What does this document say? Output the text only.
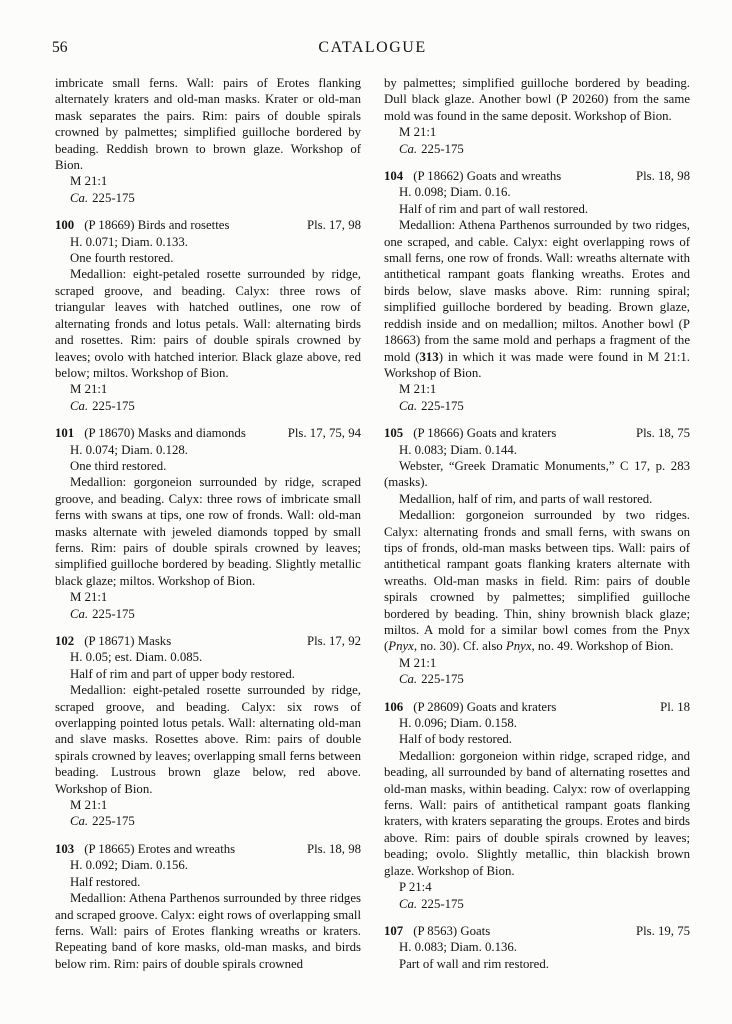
56	CATALOGUE

imbricate small ferns. Wall: pairs of Erotes flanking alternately kraters and old-man masks. Krater or old-man mask separates the pairs. Rim: pairs of double spirals crowned by palmettes; simplified guilloche bordered by beading. Reddish brown to brown glaze. Workshop of Bion.

M 21:1

Ca. 225-175

100 (P 18669) Birds and rosettes	Pls. 17, 98

H. 0.071; Diam. 0.133.

One fourth restored.

Medallion: eight-petaled rosette surrounded by ridge, scraped groove, and beading. Calyx: three rows of triangular leaves with hatched outlines, one row of alternating fronds and lotus petals. Wall: alternating birds and rosettes. Rim: pairs of double spirals crowned by leaves; ovolo with hatched interior. Black glaze above, red below; miltos. Workshop of Bion.

M 21:1

Ca. 225-175

101 (P 18670) Masks and diamonds	Pls. 17, 75, 94

H. 0.074; Diam. 0.128.

One third restored.

Medallion: gorgoneion surrounded by ridge, scraped groove, and beading. Calyx: three rows of imbricate small ferns with swans at tips, one row of fronds. Wall: old-man masks alternate with jeweled diamonds topped by small ferns. Rim: pairs of double spirals crowned by leaves; simplified guilloche bordered by beading. Slightly metallic black glaze; miltos. Workshop of Bion.

M 21:1

Ca. 225-175

102 (P 18671) Masks	Pls. 17, 92

H. 0.05; est. Diam. 0.085.

Half of rim and part of upper body restored.

Medallion: eight-petaled rosette surrounded by ridge, scraped groove, and beading. Calyx: six rows of overlapping pointed lotus petals. Wall: alternating old-man and slave masks. Rosettes above. Rim: pairs of double spirals crowned by leaves; overlapping small ferns between beading. Lustrous brown glaze below, red above. Workshop of Bion.

M 21:1

Ca. 225-175

103 (P 18665) Erotes and wreaths	Pls. 18, 98

H. 0.092; Diam. 0.156.

Half restored.

Medallion: Athena Parthenos surrounded by three ridges and scraped groove. Calyx: eight rows of overlapping small ferns. Wall: pairs of Erotes flanking wreaths or kraters. Repeating band of kore masks, old-man masks, and birds below rim. Rim: pairs of double spirals crowned

by palmettes; simplified guilloche bordered by beading. Dull black glaze. Another bowl (P 20260) from the same mold was found in the same deposit. Workshop of Bion.

M 21:1

Ca. 225-175

104 (P 18662) Goats and wreaths	Pls. 18, 98

H. 0.098; Diam. 0.16.

Half of rim and part of wall restored.

Medallion: Athena Parthenos surrounded by two ridges, one scraped, and cable. Calyx: eight overlapping rows of small ferns, one row of fronds. Wall: wreaths alternate with antithetical rampant goats flanking wreaths. Erotes and birds below, slave masks above. Rim: running spiral; simplified guilloche bordered by beading. Brown glaze, reddish inside and on medallion; miltos. Another bowl (P 18663) from the same mold and perhaps a fragment of the mold (313) in which it was made were found in M 21:1. Workshop of Bion.

M 21:1

Ca. 225-175

105 (P 18666) Goats and kraters	Pls. 18, 75

H. 0.083; Diam. 0.144.

Webster, “Greek Dramatic Monuments,” C 17, p. 283 (masks).

Medallion, half of rim, and parts of wall restored.

Medallion: gorgoneion surrounded by two ridges. Calyx: alternating fronds and small ferns, with swans on tips of fronds, old-man masks between tips. Wall: pairs of antithetical rampant goats flanking kraters alternate with wreaths. Old-man masks in field. Rim: pairs of double spirals crowned by palmettes; simplified guilloche bordered by beading. Thin, shiny brownish black glaze; miltos. A mold for a similar bowl comes from the Pnyx (Pnyx, no. 30). Cf. also Pnyx, no. 49. Workshop of Bion.

M 21:1

Ca. 225-175

106 (P 28609) Goats and kraters	Pl. 18

H. 0.096; Diam. 0.158.

Half of body restored.

Medallion: gorgoneion within ridge, scraped ridge, and beading, all surrounded by band of alternating rosettes and old-man masks, within beading. Calyx: row of overlapping ferns. Wall: pairs of antithetical rampant goats flanking kraters, with kraters separating the groups. Erotes and birds above. Rim: pairs of double spirals crowned by leaves; beading; ovolo. Slightly metallic, thin blackish brown glaze. Workshop of Bion.

P 21:4

Ca. 225-175

107 (P 8563) Goats	Pls. 19, 75

H. 0.083; Diam. 0.136.

Part of wall and rim restored.
